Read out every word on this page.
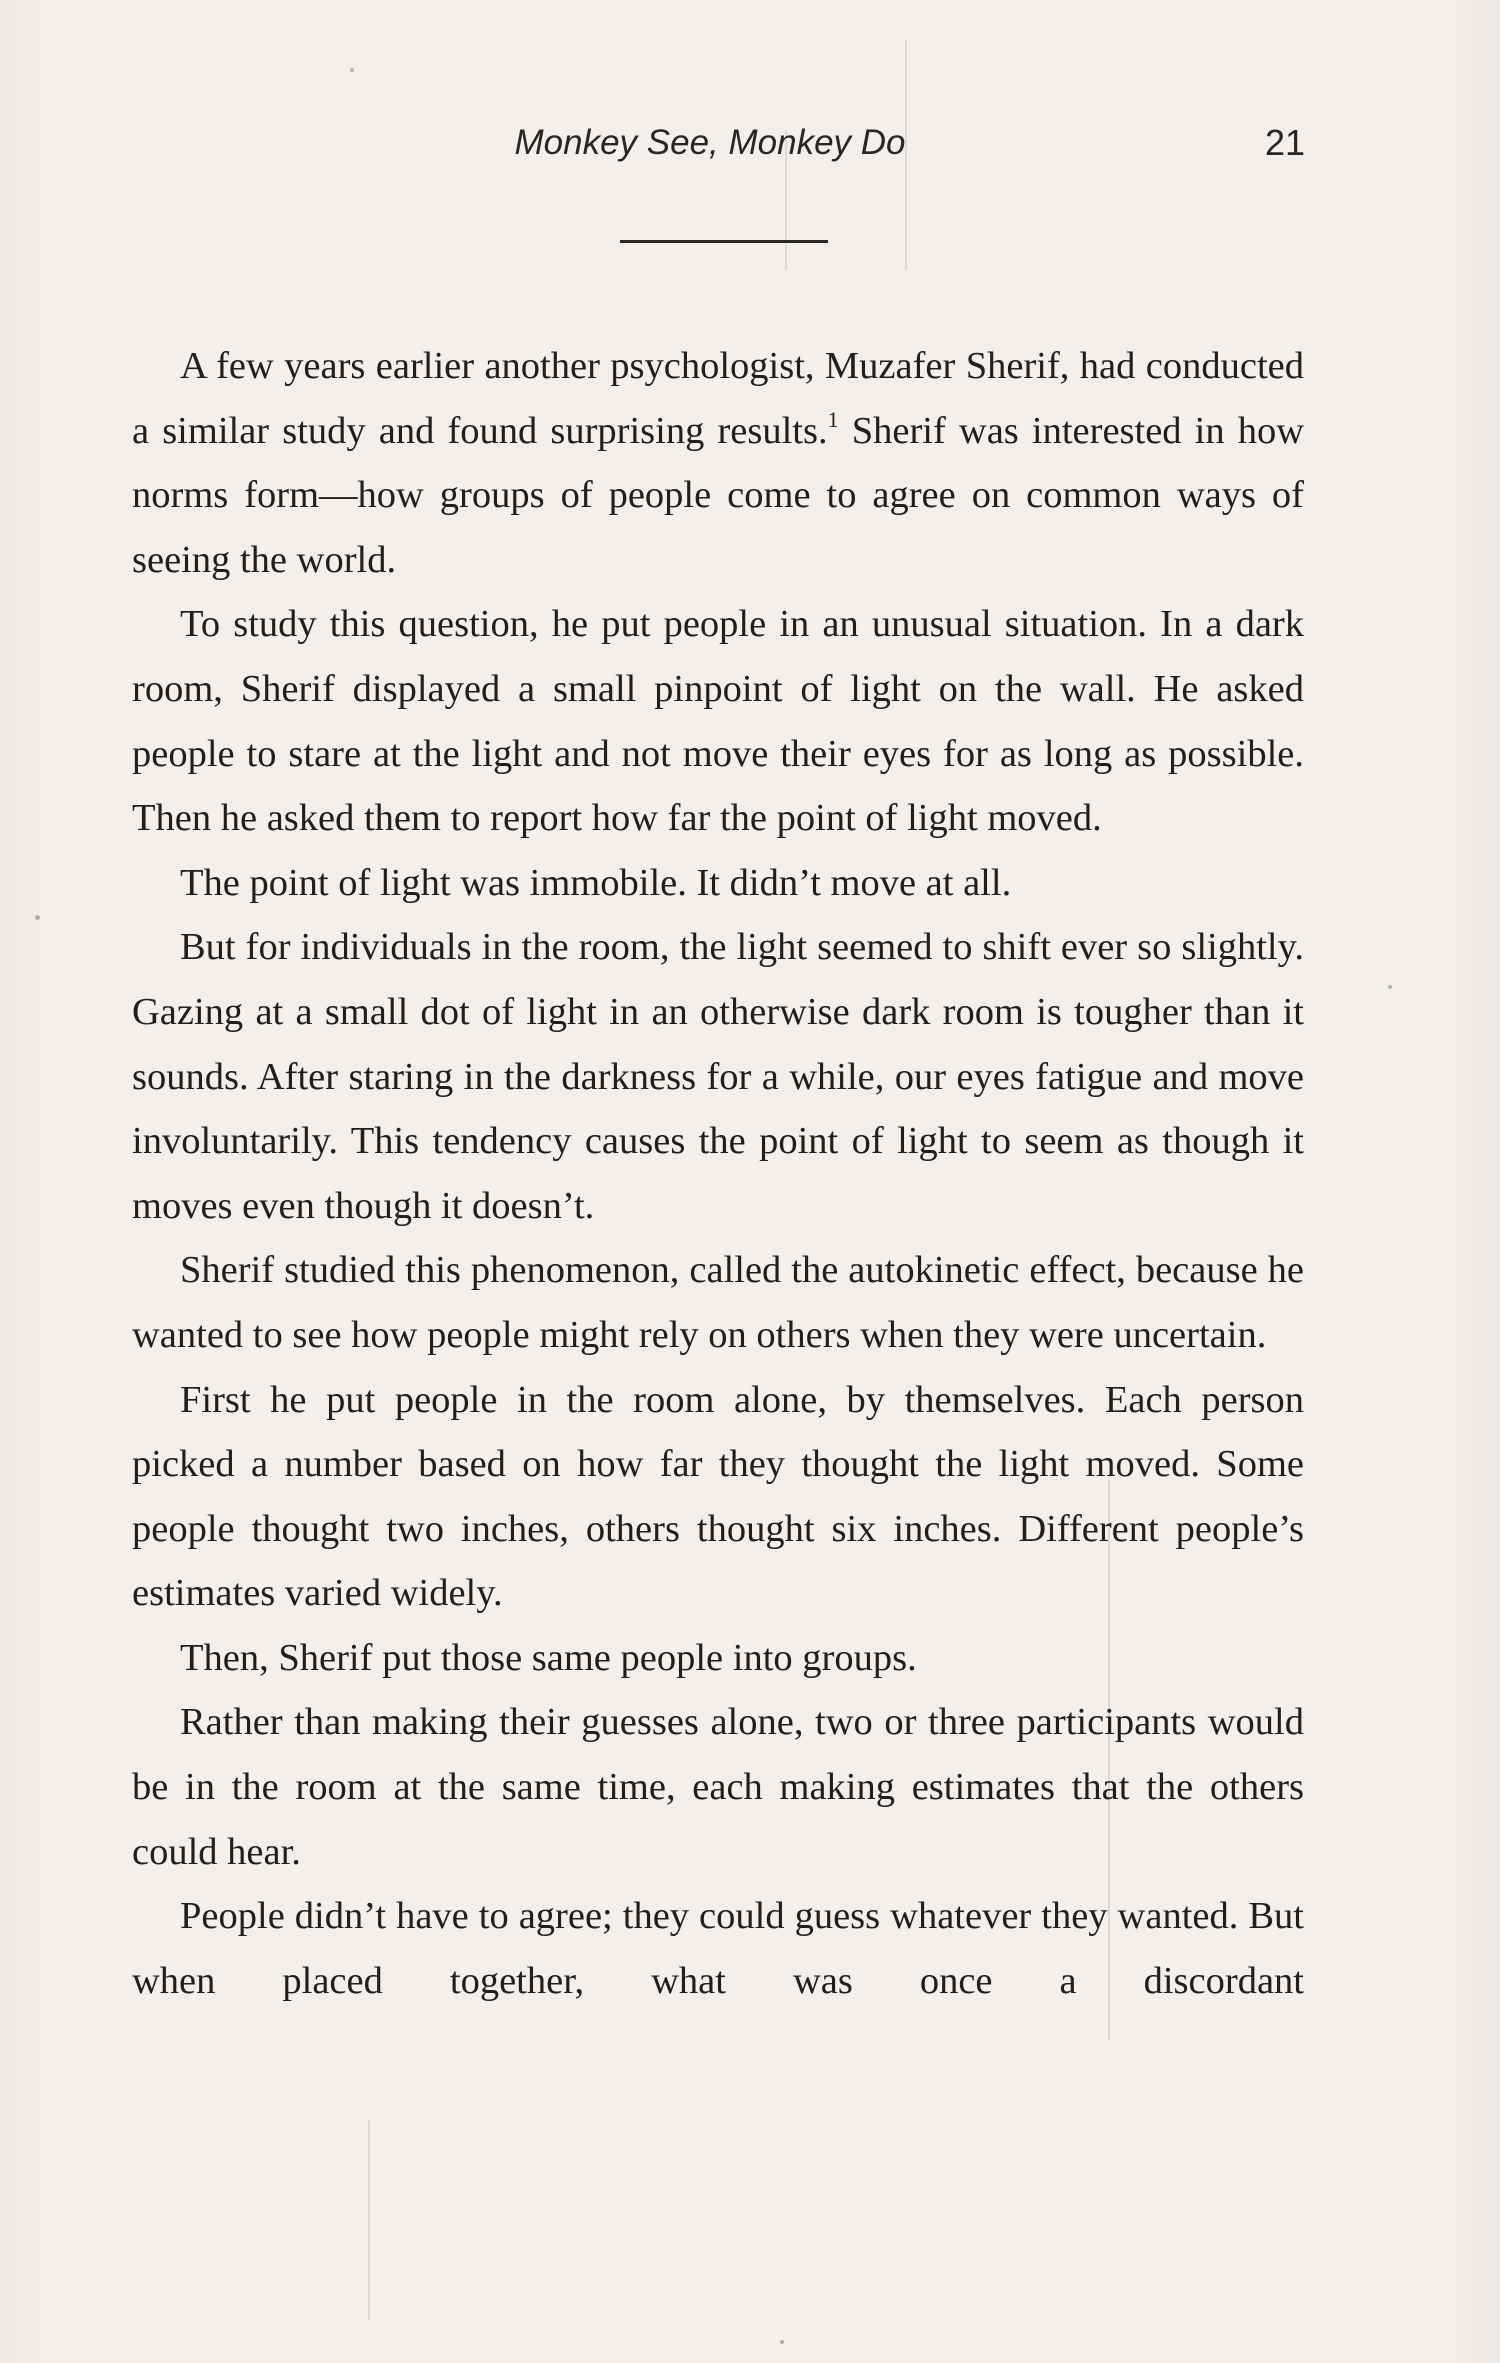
Monkey See, Monkey Do	21

A few years earlier another psychologist, Muzafer Sherif, had conducted a similar study and found surprising results.$^1$ Sherif was interested in how norms form—how groups of people come to agree on common ways of seeing the world.

To study this question, he put people in an unusual situation. In a dark room, Sherif displayed a small pinpoint of light on the wall. He asked people to stare at the light and not move their eyes for as long as possible. Then he asked them to report how far the point of light moved.

The point of light was immobile. It didn’t move at all.

But for individuals in the room, the light seemed to shift ever so slightly. Gazing at a small dot of light in an otherwise dark room is tougher than it sounds. After staring in the darkness for a while, our eyes fatigue and move involuntarily. This tendency causes the point of light to seem as though it moves even though it doesn’t.

Sherif studied this phenomenon, called the autokinetic effect, because he wanted to see how people might rely on others when they were uncertain.

First he put people in the room alone, by themselves. Each person picked a number based on how far they thought the light moved. Some people thought two inches, others thought six inches. Different people’s estimates varied widely.

Then, Sherif put those same people into groups.

Rather than making their guesses alone, two or three participants would be in the room at the same time, each making estimates that the others could hear.

People didn’t have to agree; they could guess whatever they wanted. But when placed together, what was once a discordant
